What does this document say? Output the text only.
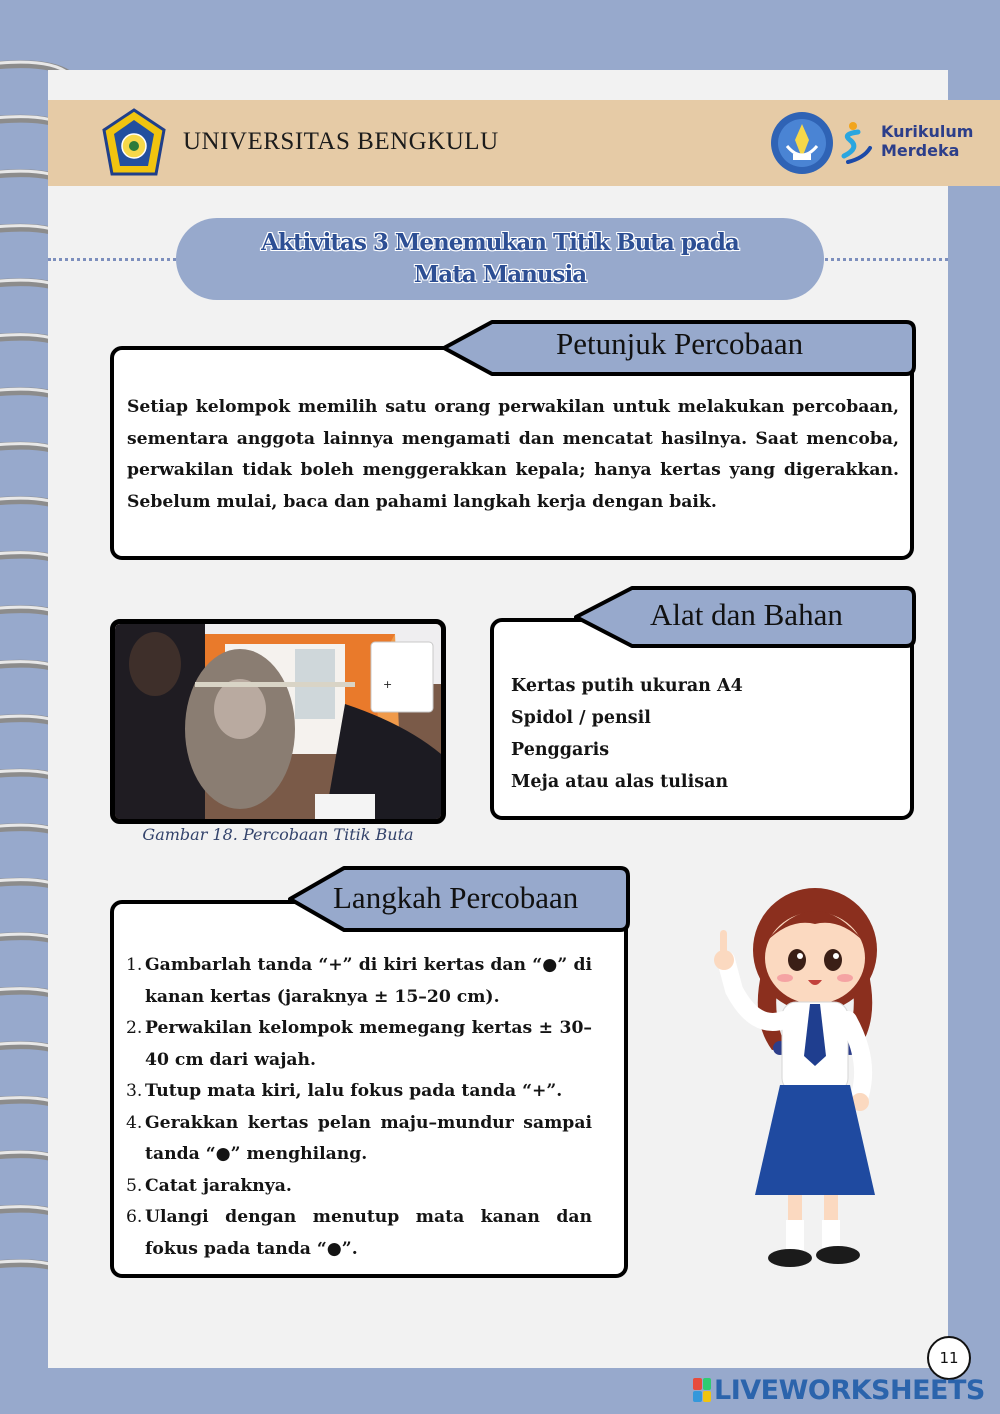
UNIVERSITAS BENGKULU	Kurikulum
Merdeka
Aktivitas 3 Menemukan Titik Buta pada
Mata Manusia
Petunjuk Percobaan

Setiap kelompok memilih satu orang perwakilan untuk melakukan percobaan, sementara anggota lainnya mengamati dan mencatat hasilnya. Saat mencoba, perwakilan tidak boleh menggerakkan kepala; hanya kertas yang digerakkan. Sebelum mulai, baca dan pahami langkah kerja dengan baik.

+
Gambar 18. Percobaan Titik Buta
Alat dan Bahan
Kertas putih ukuran A4
Spidol / pensil
Penggaris
Meja atau alas tulisan
Langkah Percobaan
1. Gambarlah tanda “+” di kiri kertas dan “●” di kanan kertas (jaraknya ± 15–20 cm).
2. Perwakilan kelompok memegang kertas ± 30–40 cm dari wajah.
3. Tutup mata kiri, lalu fokus pada tanda “+”.
4. Gerakkan kertas pelan maju–mundur sampai tanda “●” menghilang.
5. Catat jaraknya.
6. Ulangi dengan menutup mata kanan dan fokus pada tanda “●”.
11
LIVEWORKSHEETS
